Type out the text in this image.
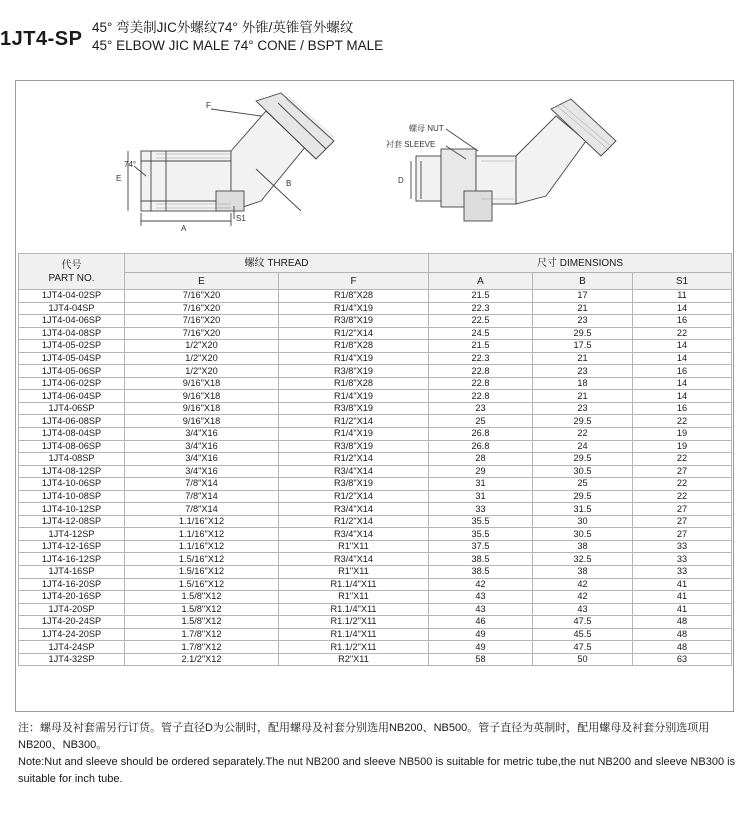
1JT4-SP
45° 弯美制JIC外螺纹74° 外锥/英锥管外螺纹
45° ELBOW JIC MALE 74° CONE / BSPT MALE
F
E
74°
B
A
S1
螺母 NUT
衬套 SLEEVE
D
代号
PART NO.	螺纹 THREAD		尺寸 DIMENSIONS		
	E	F	A	B	S1
1JT4-04-02SP	7/16"X20	R1/8"X28	21.5	17	11
1JT4-04SP	7/16"X20	R1/4"X19	22.3	21	14
1JT4-04-06SP	7/16"X20	R3/8"X19	22.5	23	16
1JT4-04-08SP	7/16"X20	R1/2"X14	24.5	29.5	22
1JT4-05-02SP	1/2"X20	R1/8"X28	21.5	17.5	14
1JT4-05-04SP	1/2"X20	R1/4"X19	22.3	21	14
1JT4-05-06SP	1/2"X20	R3/8"X19	22.8	23	16
1JT4-06-02SP	9/16"X18	R1/8"X28	22.8	18	14
1JT4-06-04SP	9/16"X18	R1/4"X19	22.8	21	14
1JT4-06SP	9/16"X18	R3/8"X19	23	23	16
1JT4-06-08SP	9/16"X18	R1/2"X14	25	29.5	22
1JT4-08-04SP	3/4"X16	R1/4"X19	26.8	22	19
1JT4-08-06SP	3/4"X16	R3/8"X19	26.8	24	19
1JT4-08SP	3/4"X16	R1/2"X14	28	29.5	22
1JT4-08-12SP	3/4"X16	R3/4"X14	29	30.5	27
1JT4-10-06SP	7/8"X14	R3/8"X19	31	25	22
1JT4-10-08SP	7/8"X14	R1/2"X14	31	29.5	22
1JT4-10-12SP	7/8"X14	R3/4"X14	33	31.5	27
1JT4-12-08SP	1.1/16"X12	R1/2"X14	35.5	30	27
1JT4-12SP	1.1/16"X12	R3/4"X14	35.5	30.5	27
1JT4-12-16SP	1.1/16"X12	R1"X11	37.5	38	33
1JT4-16-12SP	1.5/16"X12	R3/4"X14	38.5	32.5	33
1JT4-16SP	1.5/16"X12	R1"X11	38.5	38	33
1JT4-16-20SP	1.5/16"X12	R1.1/4"X11	42	42	41
1JT4-20-16SP	1.5/8"X12	R1"X11	43	42	41
1JT4-20SP	1.5/8"X12	R1.1/4"X11	43	43	41
1JT4-20-24SP	1.5/8"X12	R1.1/2"X11	46	47.5	48
1JT4-24-20SP	1.7/8"X12	R1.1/4"X11	49	45.5	48
1JT4-24SP	1.7/8"X12	R1.1/2"X11	49	47.5	48
1JT4-32SP	2.1/2"X12	R2"X11	58	50	63
注：螺母及衬套需另行订货。管子直径D为公制时，配用螺母及衬套分别选用NB200、NB500。管子直径为英制时，配用螺母及衬套分别选项用NB200、NB300。
Note:Nut and sleeve should be ordered separately.The nut NB200 and sleeve NB500 is suitable for metric tube,the nut NB200 and sleeve NB300 is suitable for inch tube.
